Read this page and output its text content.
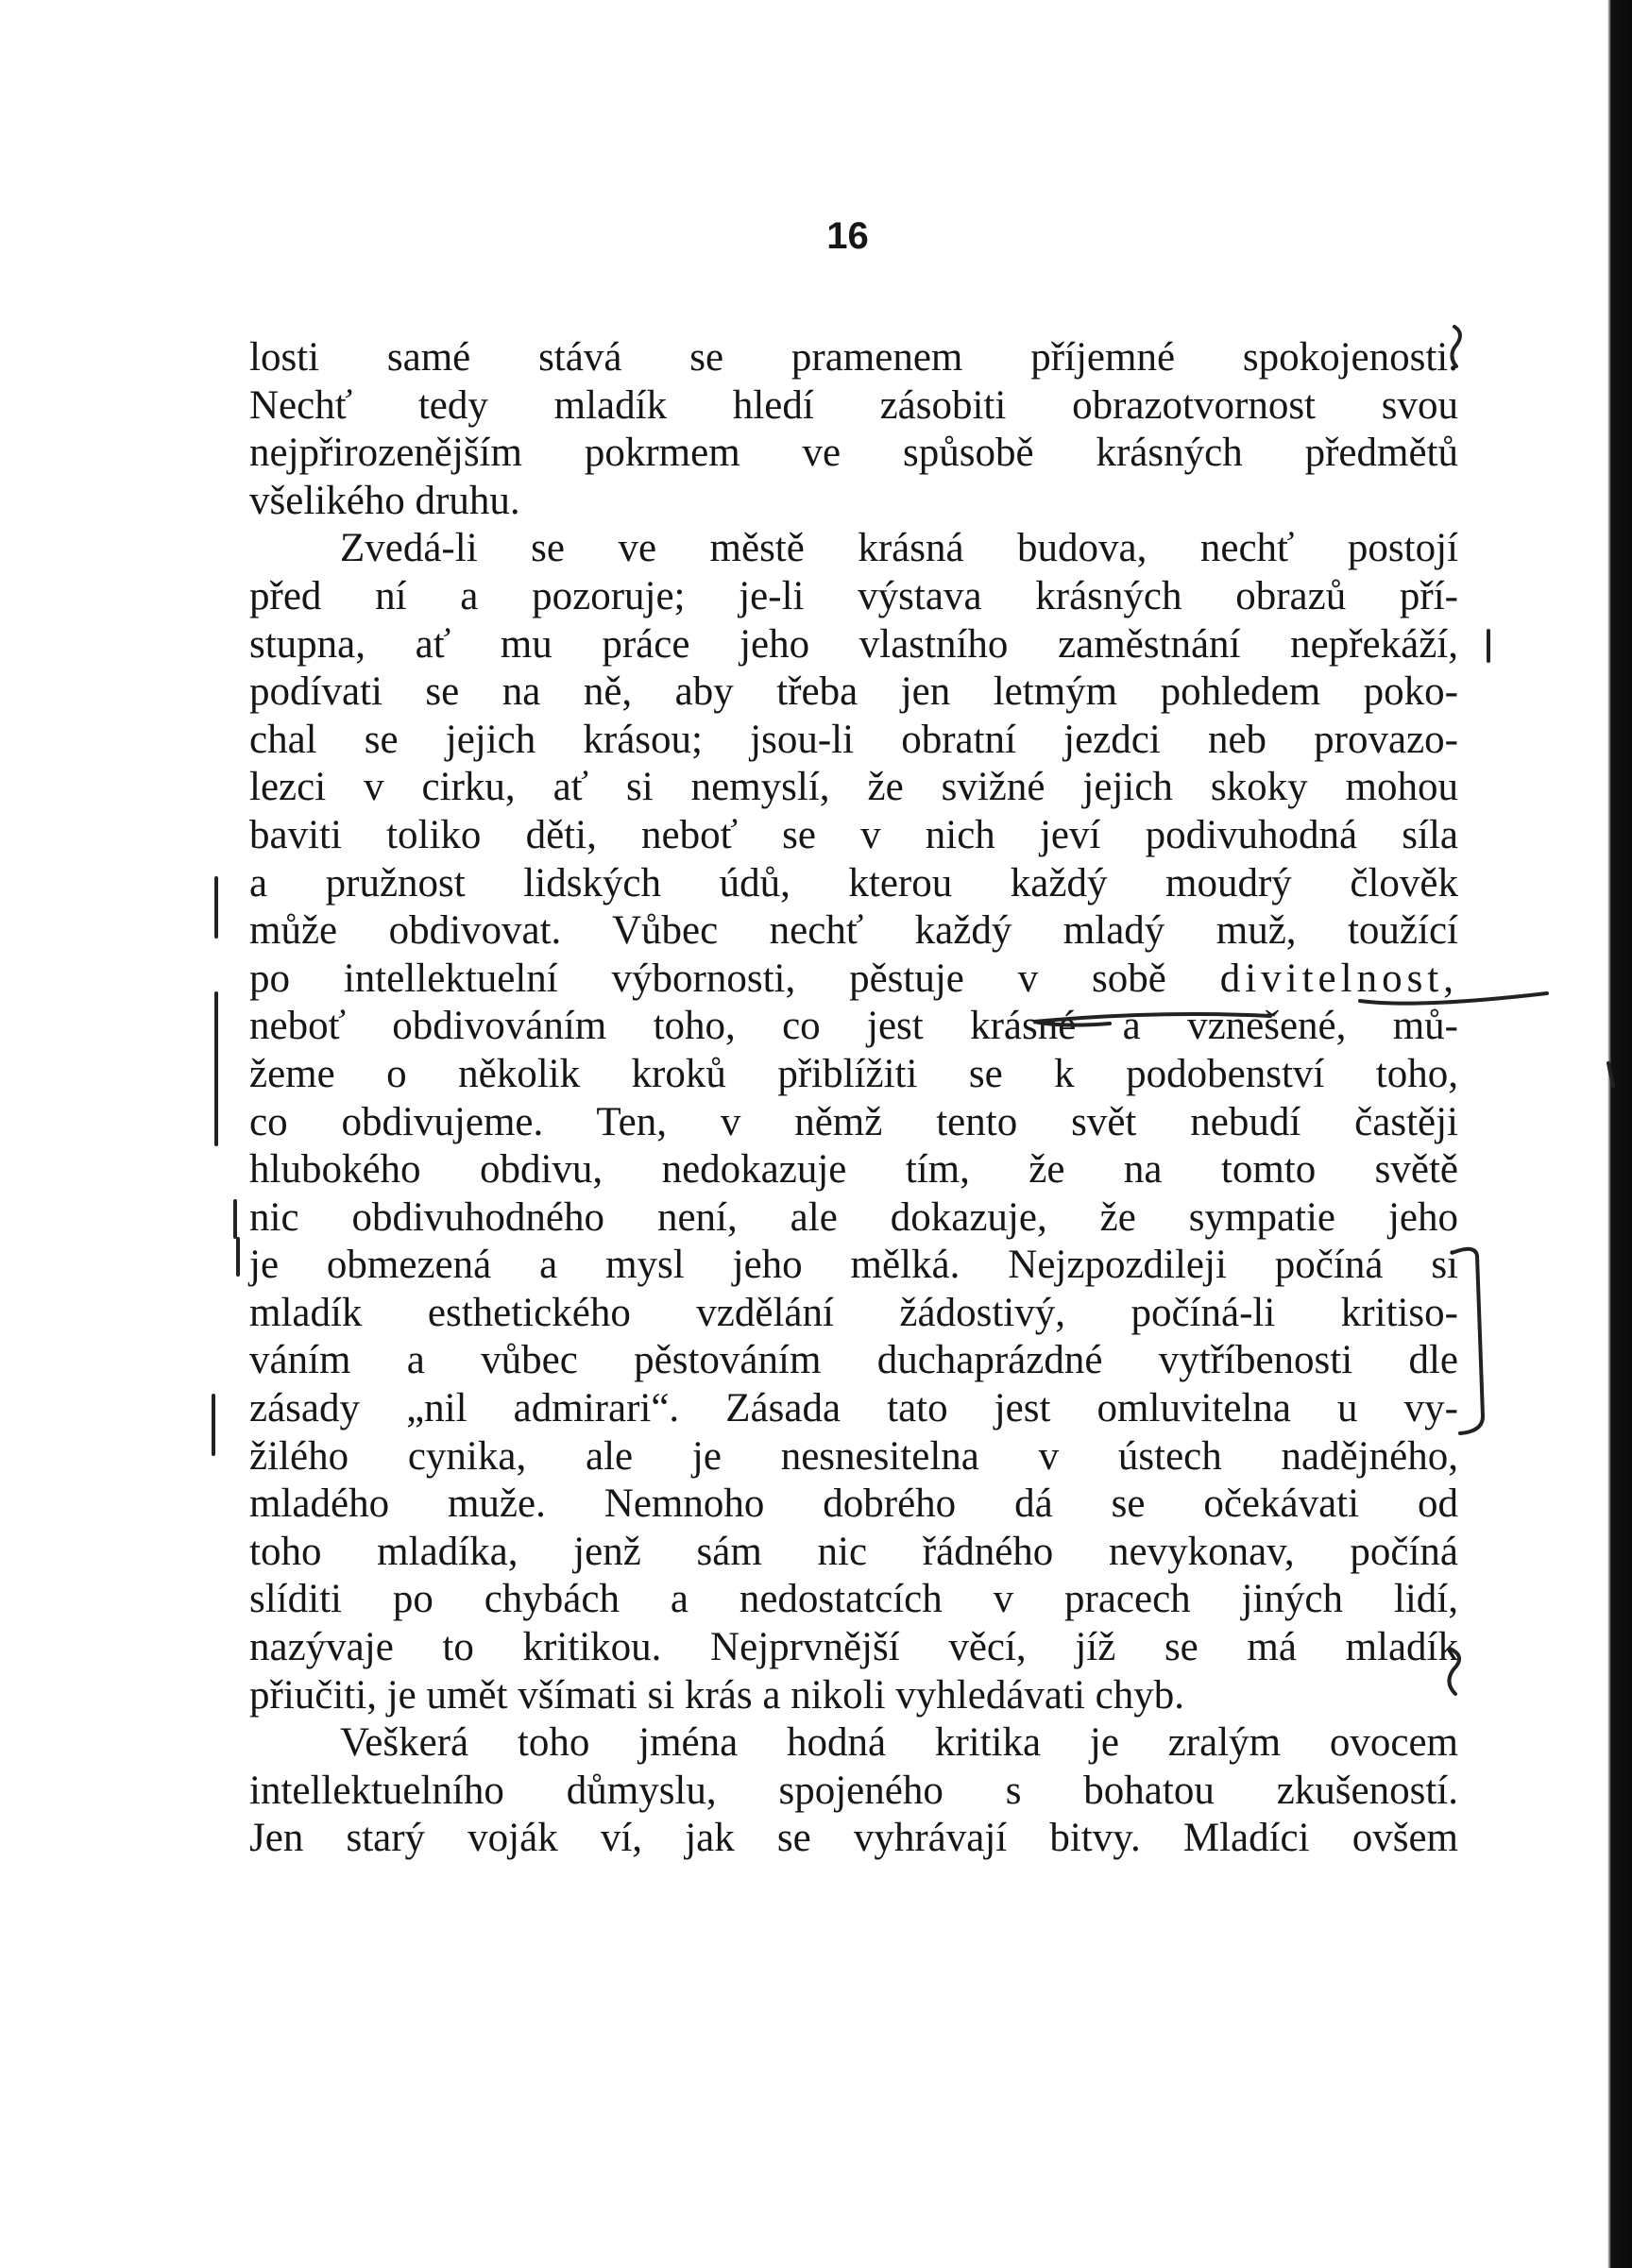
16
losti samé stává se pramenem příjemné spokojenosti.
Nechť tedy mladík hledí zásobiti obrazotvornost svou
nejpřirozenějším pokrmem ve spůsobě krásných předmětů
všelikého druhu.
Zvedá-li se ve městě krásná budova, nechť postojí
před ní a pozoruje; je-li výstava krásných obrazů pří-
stupna, ať mu práce jeho vlastního zaměstnání nepřekáží,
podívati se na ně, aby třeba jen letmým pohledem poko-
chal se jejich krásou; jsou-li obratní jezdci neb provazo-
lezci v cirku, ať si nemyslí, že svižné jejich skoky mohou
baviti toliko děti, neboť se v nich jeví podivuhodná síla
a pružnost lidských údů, kterou každý moudrý člověk
může obdivovat. Vůbec nechť každý mladý muž, toužící
po intellektuelní výbornosti, pěstuje v sobě divitelnost,
neboť obdivováním toho, co jest krásné a vznešené, mů-
žeme o několik kroků přiblížiti se k podobenství toho,
co obdivujeme. Ten, v němž tento svět nebudí častěji
hlubokého obdivu, nedokazuje tím, že na tomto světě
nic obdivuhodného není, ale dokazuje, že sympatie jeho
je obmezená a mysl jeho mělká. Nejzpozdileji počíná si
mladík esthetického vzdělání žádostivý, počíná-li kritiso-
váním a vůbec pěstováním duchaprázdné vytříbenosti dle
zásady „nil admirari“. Zásada tato jest omluvitelna u vy-
žilého cynika, ale je nesnesitelna v ústech nadějného,
mladého muže. Nemnoho dobrého dá se očekávati od
toho mladíka, jenž sám nic řádného nevykonav, počíná
slíditi po chybách a nedostatcích v pracech jiných lidí,
nazývaje to kritikou. Nejprvnější věcí, jíž se má mladík
přiučiti, je umět všímati si krás a nikoli vyhledávati chyb.
Veškerá toho jména hodná kritika je zralým ovocem
intellektuelního důmyslu, spojeného s bohatou zkušeností.
Jen starý voják ví, jak se vyhrávají bitvy. Mladíci ovšem
